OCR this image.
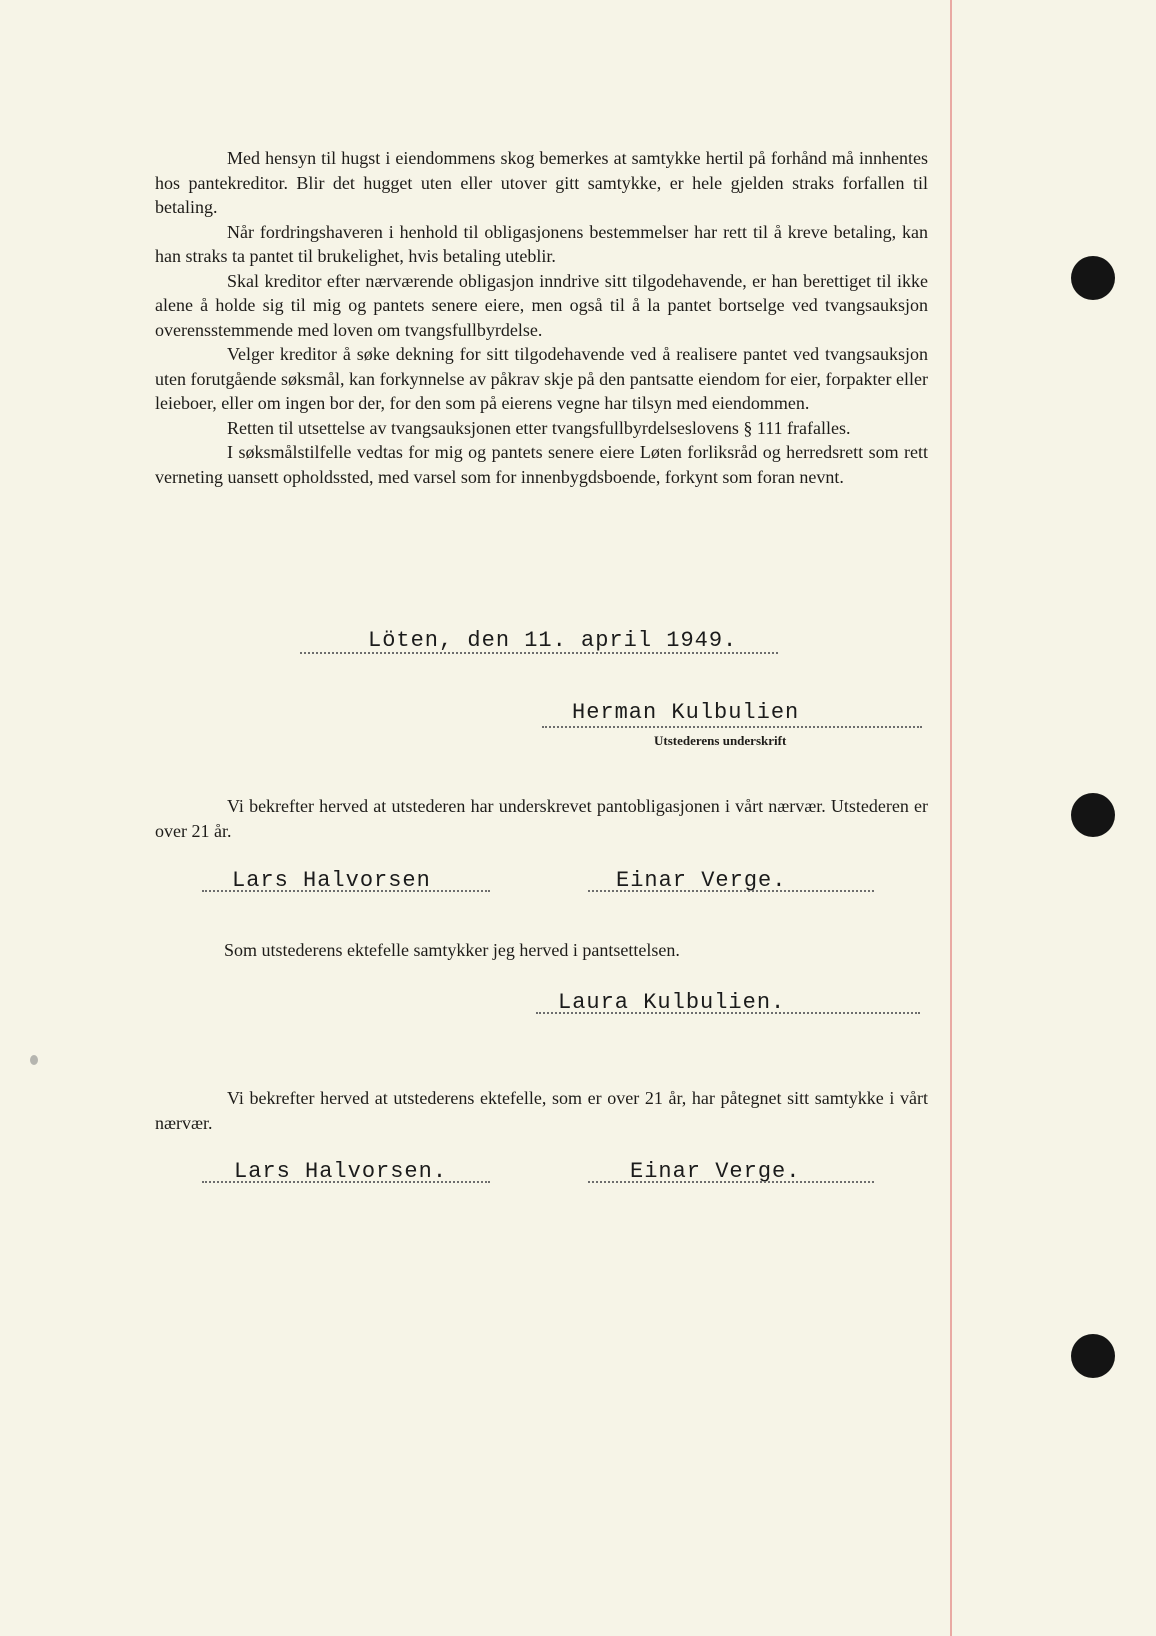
Med hensyn til hugst i eiendommens skog bemerkes at samtykke hertil på forhånd må innhentes hos pantekreditor. Blir det hugget uten eller utover gitt samtykke, er hele gjelden straks forfallen til betaling.

Når fordringshaveren i henhold til obligasjonens bestemmelser har rett til å kreve betaling, kan han straks ta pantet til brukelighet, hvis betaling uteblir.

Skal kreditor efter nærværende obligasjon inndrive sitt tilgodehavende, er han berettiget til ikke alene å holde sig til mig og pantets senere eiere, men også til å la pantet bortselge ved tvangsauksjon overensstemmende med loven om tvangsfullbyrdelse.

Velger kreditor å søke dekning for sitt tilgodehavende ved å realisere pantet ved tvangsauksjon uten forutgående søksmål, kan forkynnelse av påkrav skje på den pantsatte eiendom for eier, forpakter eller leieboer, eller om ingen bor der, for den som på eierens vegne har tilsyn med eiendommen.

Retten til utsettelse av tvangsauksjonen etter tvangsfullbyrdelseslovens § 111 frafalles.

I søksmålstilfelle vedtas for mig og pantets senere eiere Løten forliksråd og herredsrett som rett verneting uansett opholdssted, med varsel som for innenbygdsboende, forkynt som foran nevnt.

Löten, den 11. april 1949.
Herman Kulbulien
Utstederens underskrift

Vi bekrefter herved at utstederen har underskrevet pantobligasjonen i vårt nærvær. Utstederen er over 21 år.

Lars Halvorsen	Einar Verge.
Som utstederens ektefelle samtykker jeg herved i pantsettelsen.
Laura Kulbulien.

Vi bekrefter herved at utstederens ektefelle, som er over 21 år, har påtegnet sitt samtykke i vårt nærvær.

Lars Halvorsen.	Einar Verge.
